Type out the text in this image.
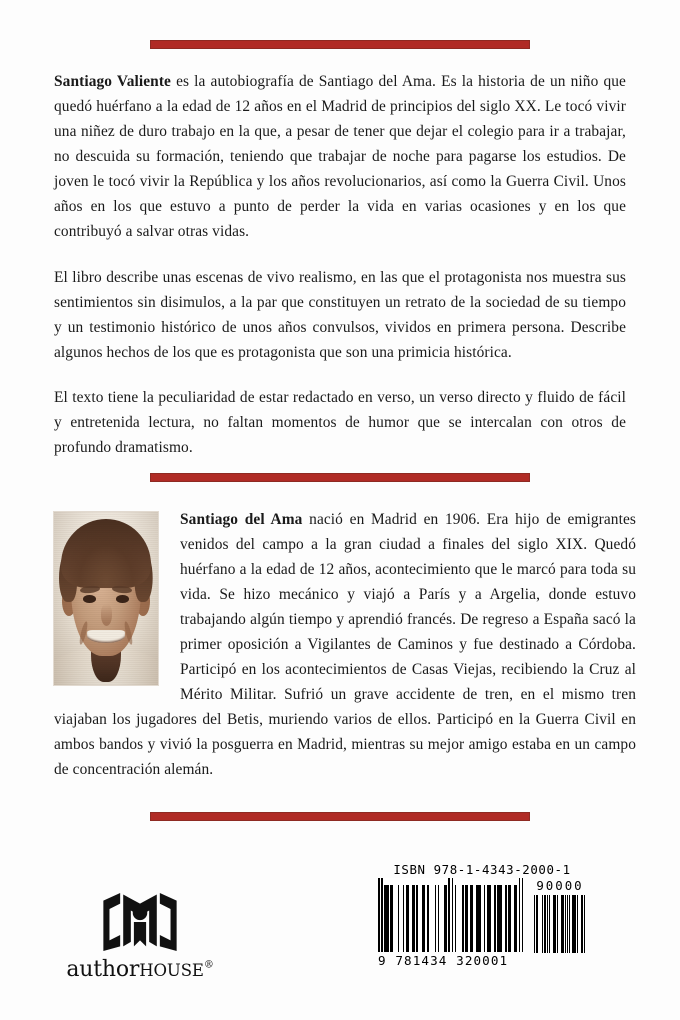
Santiago Valiente es la autobiografía de Santiago del Ama. Es la historia de un niño que quedó huérfano a la edad de 12 años en el Madrid de principios del siglo XX. Le tocó vivir una niñez de duro trabajo en la que, a pesar de tener que dejar el colegio para ir a trabajar, no descuida su formación, teniendo que trabajar de noche para pagarse los estudios. De joven le tocó vivir la República y los años revolucionarios, así como la Guerra Civil. Unos años en los que estuvo a punto de perder la vida en varias ocasiones y en los que contribuyó a salvar otras vidas.

El libro describe unas escenas de vivo realismo, en las que el protagonista nos muestra sus sentimientos sin disimulos, a la par que constituyen un retrato de la sociedad de su tiempo y un testimonio histórico de unos años convulsos, vividos en primera persona. Describe algunos hechos de los que es protagonista que son una primicia histórica.

El texto tiene la peculiaridad de estar redactado en verso, un verso directo y fluido de fácil y entretenida lectura, no faltan momentos de humor que se intercalan con otros de profundo dramatismo.

Santiago del Ama nació en Madrid en 1906. Era hijo de emigrantes venidos del campo a la gran ciudad a finales del siglo XIX. Quedó huérfano a la edad de 12 años, acontecimiento que le marcó para toda su vida. Se hizo mecánico y viajó a París y a Argelia, donde estuvo trabajando algún tiempo y aprendió francés. De regreso a España sacó la primer oposición a Vigilantes de Caminos y fue destinado a Córdoba. Participó en los acontecimientos de Casas Viejas, recibiendo la Cruz al Mérito Militar. Sufrió un grave accidente de tren, en el mismo tren viajaban los jugadores del Betis, muriendo varios de ellos. Participó en la Guerra Civil en ambos bandos y vivió la posguerra en Madrid, mientras su mejor amigo estaba en un campo de concentración alemán.

authorHOUSE®
ISBN 978-1-4343-2000-1
9 781434 320001
90000
